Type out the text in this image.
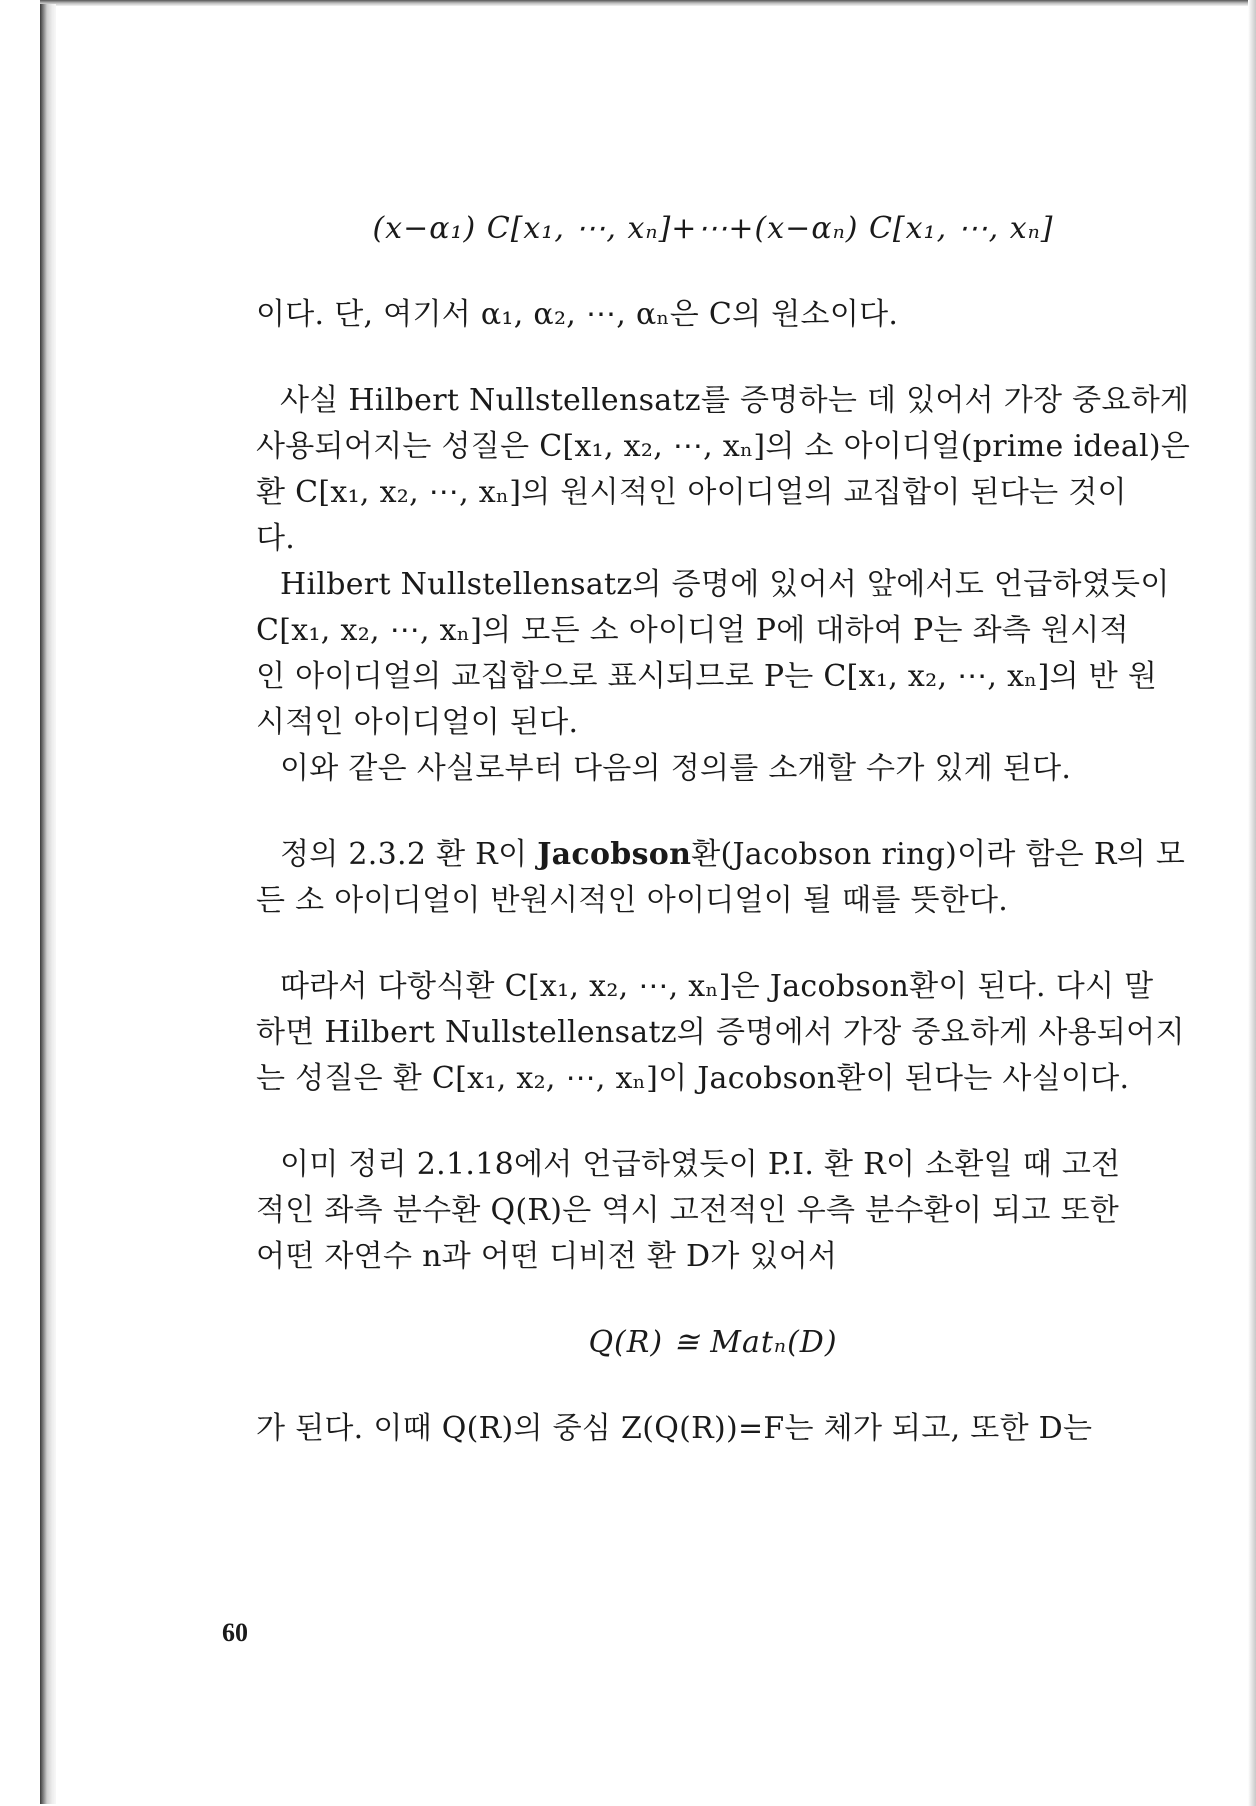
(x−α₁) C[x₁, ⋯, xₙ]+⋯+(x−αₙ) C[x₁, ⋯, xₙ]
이다. 단, 여기서 α₁, α₂, ⋯, αₙ은 C의 원소이다.
사실 Hilbert Nullstellensatz를 증명하는 데 있어서 가장 중요하게
사용되어지는 성질은 C[x₁, x₂, ⋯, xₙ]의 소 아이디얼(prime ideal)은
환 C[x₁, x₂, ⋯, xₙ]의 원시적인 아이디얼의 교집합이 된다는 것이
다.
Hilbert Nullstellensatz의 증명에 있어서 앞에서도 언급하였듯이
C[x₁, x₂, ⋯, xₙ]의 모든 소 아이디얼 P에 대하여 P는 좌측 원시적
인 아이디얼의 교집합으로 표시되므로 P는 C[x₁, x₂, ⋯, xₙ]의 반 원
시적인 아이디얼이 된다.
이와 같은 사실로부터 다음의 정의를 소개할 수가 있게 된다.
정의 2.3.2 환 R이 Jacobson환(Jacobson ring)이라 함은 R의 모
든 소 아이디얼이 반원시적인 아이디얼이 될 때를 뜻한다.
따라서 다항식환 C[x₁, x₂, ⋯, xₙ]은 Jacobson환이 된다. 다시 말
하면 Hilbert Nullstellensatz의 증명에서 가장 중요하게 사용되어지
는 성질은 환 C[x₁, x₂, ⋯, xₙ]이 Jacobson환이 된다는 사실이다.
이미 정리 2.1.18에서 언급하였듯이 P.I. 환 R이 소환일 때 고전
적인 좌측 분수환 Q(R)은 역시 고전적인 우측 분수환이 되고 또한
어떤 자연수 n과 어떤 디비전 환 D가 있어서
Q(R) ≅ Matₙ(D)
가 된다. 이때 Q(R)의 중심 Z(Q(R))=F는 체가 되고, 또한 D는
60
